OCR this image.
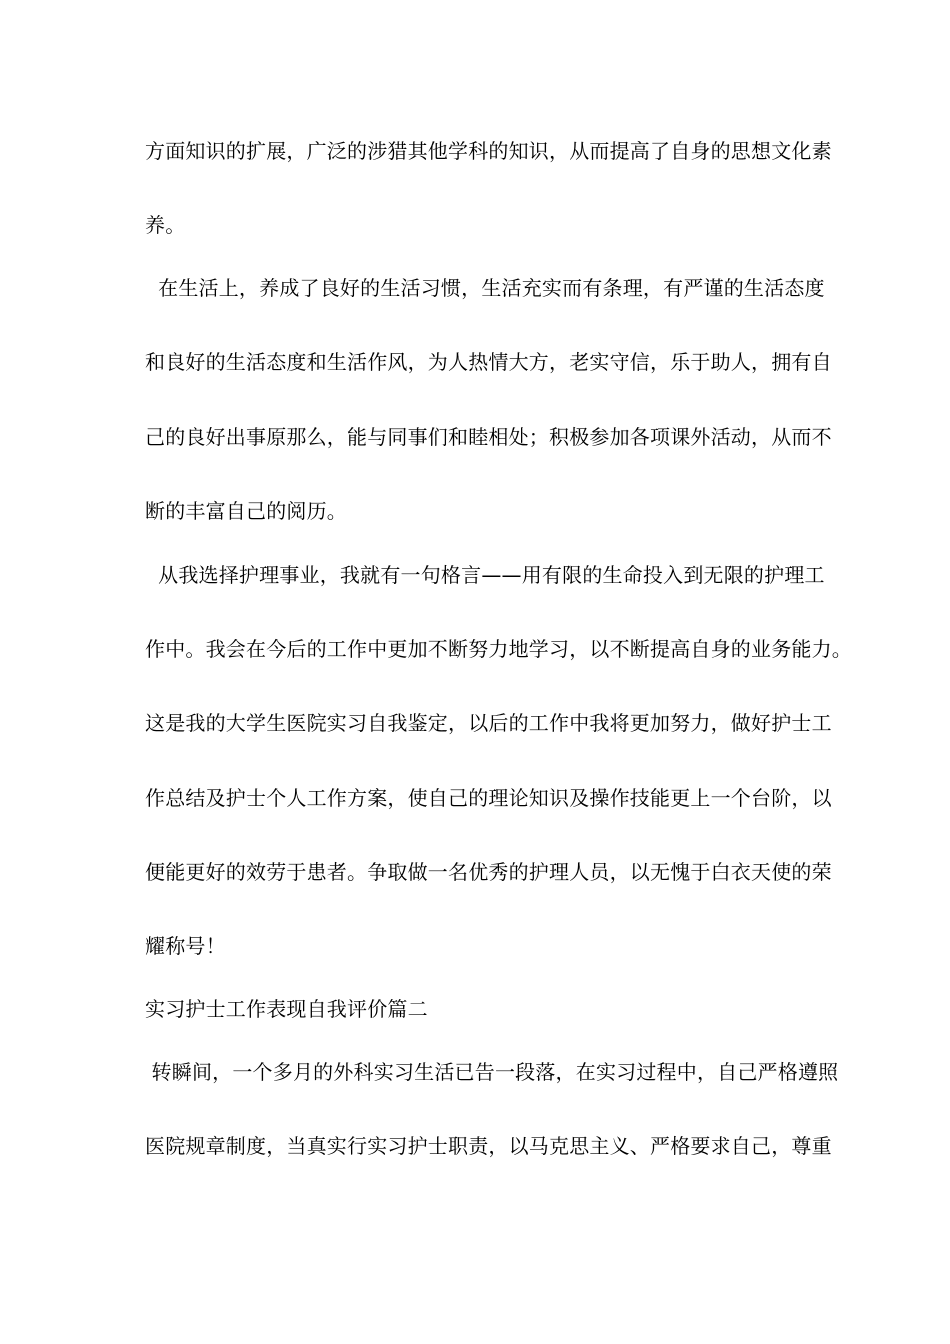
方面知识的扩展，广泛的涉猎其他学科的知识，从而提高了自身的思想文化素
养。
在生活上，养成了良好的生活习惯，生活充实而有条理，有严谨的生活态度
和良好的生活态度和生活作风，为人热情大方，老实守信，乐于助人，拥有自
己的良好出事原那么，能与同事们和睦相处；积极参加各项课外活动，从而不
断的丰富自己的阅历。
从我选择护理事业，我就有一句格言——用有限的生命投入到无限的护理工
作中。我会在今后的工作中更加不断努力地学习，以不断提高自身的业务能力。
这是我的大学生医院实习自我鉴定，以后的工作中我将更加努力，做好护士工
作总结及护士个人工作方案，使自己的理论知识及操作技能更上一个台阶，以
便能更好的效劳于患者。争取做一名优秀的护理人员，以无愧于白衣天使的荣
耀称号！
实习护士工作表现自我评价篇二
转瞬间，一个多月的外科实习生活已告一段落，在实习过程中，自己严格遵照
医院规章制度，当真实行实习护士职责，以马克思主义、严格要求自己，尊重
